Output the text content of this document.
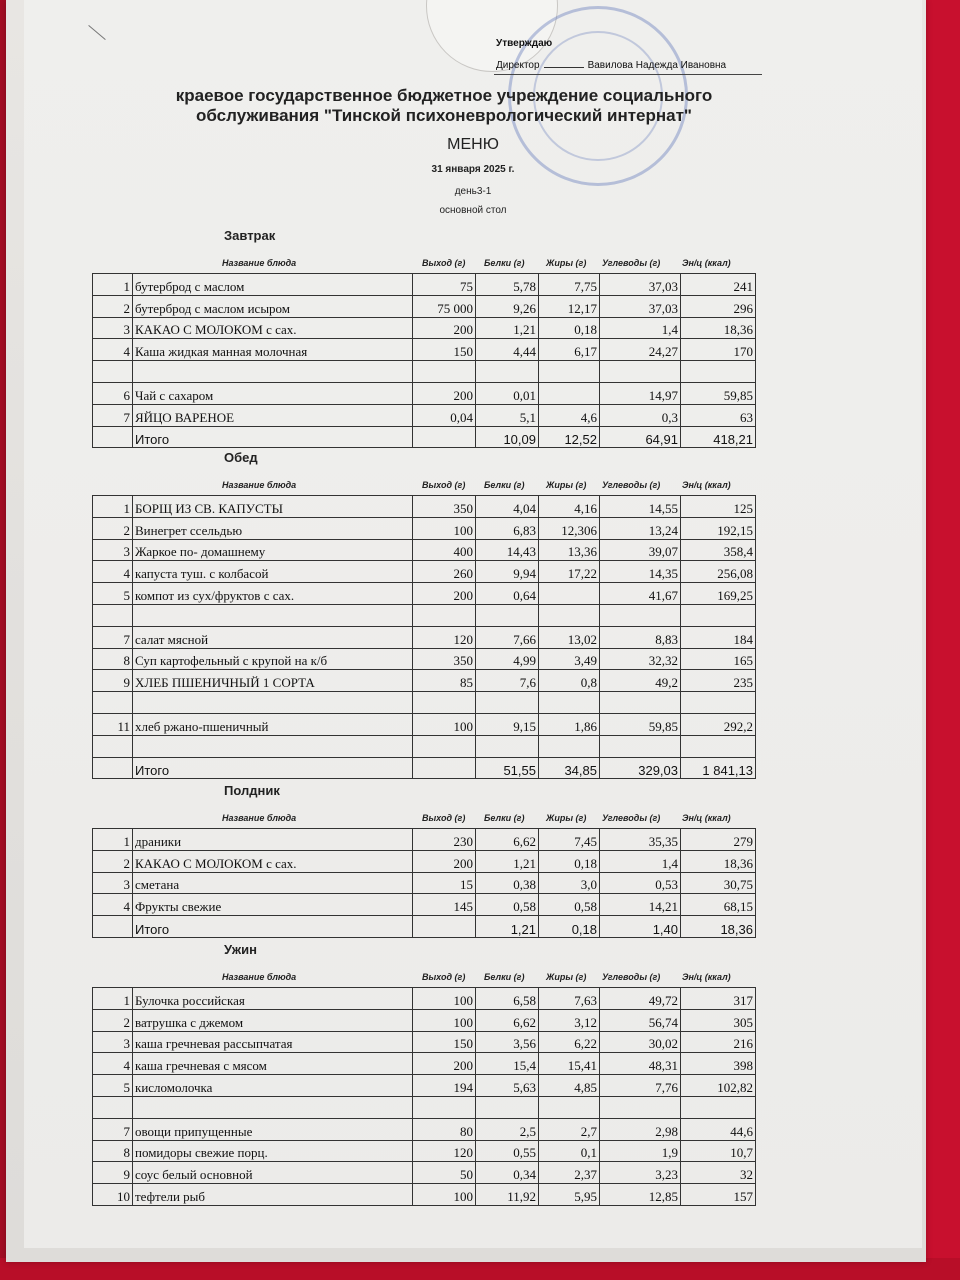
Утверждаю
Директор	Вавилова Надежда Ивановна
краевое государственное бюджетное учреждение социального обслуживания "Тинской психоневрологический интернат"
МЕНЮ
31 января 2025 г.
день3-1
основной стол
Завтрак
Название блюда	Выход (г) Белки (г) Жиры (г) Углеводы (г) Эн/ц (ккал)
1	бутерброд с маслом	75	5,78	7,75	37,03	241
2	бутерброд с маслом исыром	75 000	9,26	12,17	37,03	296
3	КАКАО С МОЛОКОМ с сах.	200	1,21	0,18	1,4	18,36
4	Каша жидкая манная молочная	150	4,44	6,17	24,27	170

6	Чай с сахаром	200	0,01		14,97	59,85
7	ЯЙЦО ВАРЕНОЕ	0,04	5,1	4,6	0,3	63
	Итого		10,09	12,52	64,91	418,21
Обед
Название блюда	Выход (г) Белки (г) Жиры (г) Углеводы (г) Эн/ц (ккал)
1	БОРЩ ИЗ СВ. КАПУСТЫ	350	4,04	4,16	14,55	125
2	Винегрет ссельдью	100	6,83	12,306	13,24	192,15
3	Жаркое по- домашнему	400	14,43	13,36	39,07	358,4
4	капуста туш. с колбасой	260	9,94	17,22	14,35	256,08
5	компот из сух/фруктов с сах.	200	0,64		41,67	169,25

7	салат мясной	120	7,66	13,02	8,83	184
8	Суп картофельный с крупой на к/б	350	4,99	3,49	32,32	165
9	ХЛЕБ ПШЕНИЧНЫЙ 1 СОРТА	85	7,6	0,8	49,2	235

11	хлеб ржано-пшеничный	100	9,15	1,86	59,85	292,2

	Итого		51,55	34,85	329,03	1 841,13
Полдник
Название блюда	Выход (г) Белки (г) Жиры (г) Углеводы (г) Эн/ц (ккал)
1	драники	230	6,62	7,45	35,35	279
2	КАКАО С МОЛОКОМ с сах.	200	1,21	0,18	1,4	18,36
3	сметана	15	0,38	3,0	0,53	30,75
4	Фрукты свежие	145	0,58	0,58	14,21	68,15
	Итого		1,21	0,18	1,40	18,36
Ужин
Название блюда	Выход (г) Белки (г) Жиры (г) Углеводы (г) Эн/ц (ккал)
1	Булочка российская	100	6,58	7,63	49,72	317
2	ватрушка с джемом	100	6,62	3,12	56,74	305
3	каша гречневая рассыпчатая	150	3,56	6,22	30,02	216
4	каша гречневая с мясом	200	15,4	15,41	48,31	398
5	кисломолочка	194	5,63	4,85	7,76	102,82

7	овощи припущенные	80	2,5	2,7	2,98	44,6
8	помидоры свежие порц.	120	0,55	0,1	1,9	10,7
9	соус белый основной	50	0,34	2,37	3,23	32
10	тефтели рыб	100	11,92	5,95	12,85	157
